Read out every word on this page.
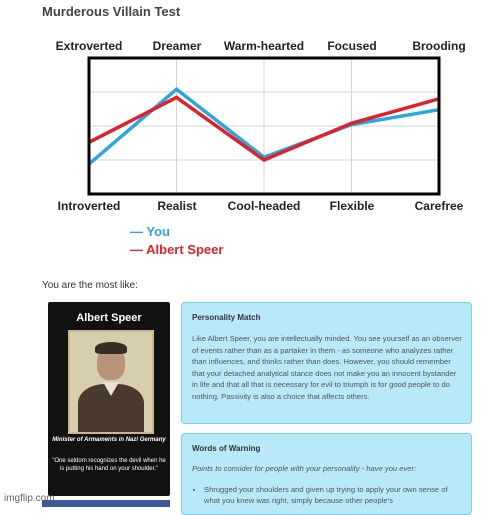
Murderous Villain Test
Extroverted	Dreamer Warm-hearted Focused	Brooding
Introverted	Realist	Cool-headed Flexible	Carefree
— You
— Albert Speer
You are the most like:
Albert Speer
Minister of Armaments in Nazi Germany
"One seldom recognizes the devil when he is putting his hand on your shoulder."
Personality Match
Like Albert Speer, you are intellectually minded. You see yourself as an observer of events rather than as a partaker in them - as someone who analyzes rather than influences, and thinks rather than does. However, you should remember that your detached analytical stance does not make you an innocent bystander in life and that all that is necessary for evil to triumph is for good people to do nothing. Passivity is also a choice that affects others.
Words of Warning
Points to consider for people with your personality - have you ever:
• Shrugged your shoulders and given up trying to apply your own sense of what you knew was right, simply because other people's
imgflip.com
